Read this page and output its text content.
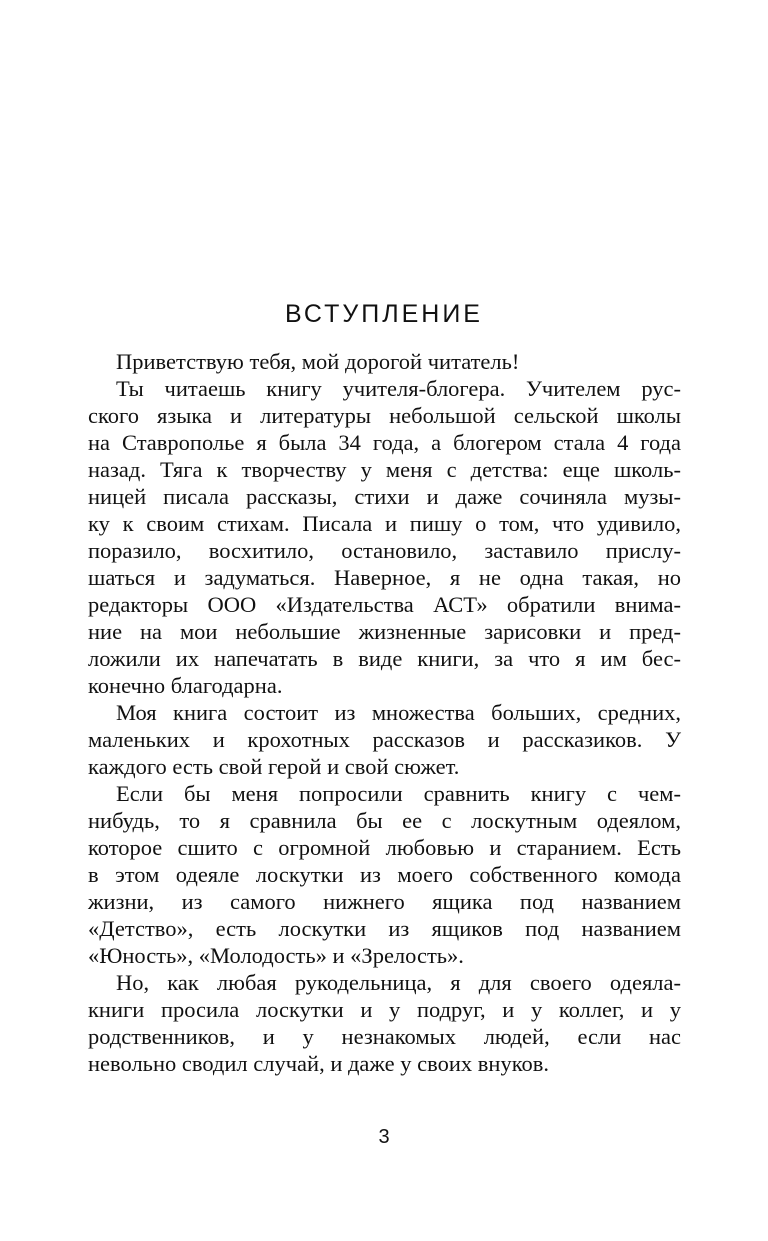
ВСТУПЛЕНИЕ
Приветствую тебя, мой дорогой читатель!
Ты читаешь книгу учителя-блогера. Учителем рус-
ского языка и литературы небольшой сельской школы
на Ставрополье я была 34 года, а блогером стала 4 года
назад. Тяга к творчеству у меня с детства: еще школь-
ницей писала рассказы, стихи и даже сочиняла музы-
ку к своим стихам. Писала и пишу о том, что удивило,
поразило, восхитило, остановило, заставило прислу-
шаться и задуматься. Наверное, я не одна такая, но
редакторы ООО «Издательства АСТ» обратили внима-
ние на мои небольшие жизненные зарисовки и пред-
ложили их напечатать в виде книги, за что я им бес-
конечно благодарна.
Моя книга состоит из множества больших, средних,
маленьких и крохотных рассказов и рассказиков. У
каждого есть свой герой и свой сюжет.
Если бы меня попросили сравнить книгу с чем-
нибудь, то я сравнила бы ее с лоскутным одеялом,
которое сшито с огромной любовью и старанием. Есть
в этом одеяле лоскутки из моего собственного комода
жизни, из самого нижнего ящика под названием
«Детство», есть лоскутки из ящиков под названием
«Юность», «Молодость» и «Зрелость».
Но, как любая рукодельница, я для своего одеяла-
книги просила лоскутки и у подруг, и у коллег, и у
родственников, и у незнакомых людей, если нас
невольно сводил случай, и даже у своих внуков.
3
